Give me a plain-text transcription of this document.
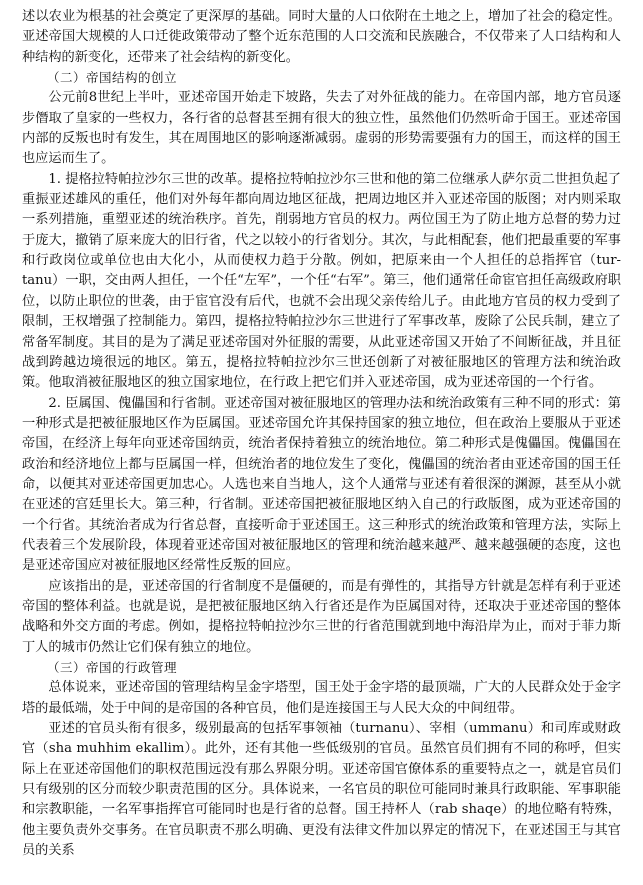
述以农业为根基的社会奠定了更深厚的基础。同时大量的人口依附在土地之上，增加了社会的稳定性。亚述帝国大规模的人口迁徙政策带动了整个近东范围的人口交流和民族融合，不仅带来了人口结构和人种结构的新变化，还带来了社会结构的新变化。

（二）帝国结构的创立

公元前8世纪上半叶，亚述帝国开始走下坡路，失去了对外征战的能力。在帝国内部，地方官员逐步僭取了皇家的一些权力，各行省的总督甚至拥有很大的独立性，虽然他们仍然听命于国王。亚述帝国内部的反叛也时有发生，其在周围地区的影响逐渐减弱。虚弱的形势需要强有力的国王，而这样的国王也应运而生了。

1. 提格拉特帕拉沙尔三世的改革。提格拉特帕拉沙尔三世和他的第二位继承人萨尔贡二世担负起了重振亚述雄风的重任，他们对外每年都向周边地区征战，把周边地区并入亚述帝国的版图；对内则采取一系列措施，重塑亚述的统治秩序。首先，削弱地方官员的权力。两位国王为了防止地方总督的势力过于庞大，撤销了原来庞大的旧行省，代之以较小的行省划分。其次，与此相配套，他们把最重要的军事和行政岗位或单位也由大化小，从而使权力趋于分散。例如，把原来由一个人担任的总指挥官（tur-tanu）一职，交由两人担任，一个任“左军”，一个任“右军”。第三，他们通常任命宦官担任高级政府职位，以防止职位的世袭，由于宦官没有后代，也就不会出现父亲传给儿子。由此地方官员的权力受到了限制，王权增强了控制能力。第四，提格拉特帕拉沙尔三世进行了军事改革，废除了公民兵制，建立了常备军制度。其目的是为了满足亚述帝国对外征服的需要，从此亚述帝国又开始了不间断征战，并且征战到跨越边境很远的地区。第五，提格拉特帕拉沙尔三世还创新了对被征服地区的管理方法和统治政策。他取消被征服地区的独立国家地位，在行政上把它们并入亚述帝国，成为亚述帝国的一个行省。

2. 臣属国、傀儡国和行省制。亚述帝国对被征服地区的管理办法和统治政策有三种不同的形式：第一种形式是把被征服地区作为臣属国。亚述帝国允许其保持国家的独立地位，但在政治上要服从于亚述帝国，在经济上每年向亚述帝国纳贡，统治者保持着独立的统治地位。第二种形式是傀儡国。傀儡国在政治和经济地位上都与臣属国一样，但统治者的地位发生了变化，傀儡国的统治者由亚述帝国的国王任命，以便其对亚述帝国更加忠心。人选也来自当地人，这个人通常与亚述有着很深的渊源，甚至从小就在亚述的宫廷里长大。第三种，行省制。亚述帝国把被征服地区纳入自己的行政版图，成为亚述帝国的一个行省。其统治者成为行省总督，直接听命于亚述国王。这三种形式的统治政策和管理方法，实际上代表着三个发展阶段，体现着亚述帝国对被征服地区的管理和统治越来越严、越来越强硬的态度，这也是亚述帝国应对被征服地区经常性反叛的回应。

应该指出的是，亚述帝国的行省制度不是僵硬的，而是有弹性的，其指导方针就是怎样有利于亚述帝国的整体利益。也就是说，是把被征服地区纳入行省还是作为臣属国对待，还取决于亚述帝国的整体战略和外交方面的考虑。例如，提格拉特帕拉沙尔三世的行省范围就到地中海沿岸为止，而对于菲力斯丁人的城市仍然让它们保有独立的地位。

（三）帝国的行政管理

总体说来，亚述帝国的管理结构呈金字塔型，国王处于金字塔的最顶端，广大的人民群众处于金字塔的最低端，处于中间的是帝国的各种官员，他们是连接国王与人民大众的中间纽带。

亚述的官员头衔有很多，级别最高的包括军事领袖（turnanu）、宰相（ummanu）和司库或财政官（sha muhhim ekallim）。此外，还有其他一些低级别的官员。虽然官员们拥有不同的称呼，但实际上在亚述帝国他们的职权范围远没有那么界限分明。亚述帝国官僚体系的重要特点之一，就是官员们只有级别的区分而较少职责范围的区分。具体说来，一名官员的职位可能同时兼具行政职能、军事职能和宗教职能，一名军事指挥官可能同时也是行省的总督。国王持杯人（rab shaqe）的地位略有特殊，他主要负责外交事务。在官员职责不那么明确、更没有法律文件加以界定的情况下，在亚述国王与其官员的关系
